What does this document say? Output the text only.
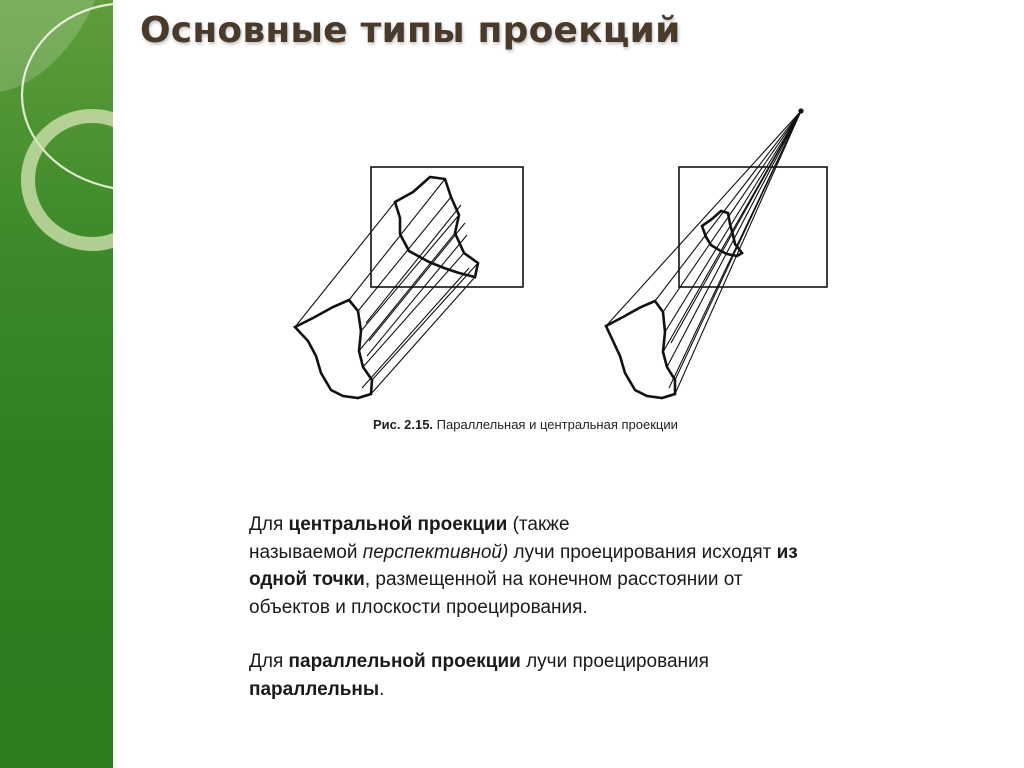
Основные типы проекций
Рис. 2.15. Параллельная и центральная проекции

Для центральной проекции (также
называемой перспективной) лучи проецирования исходят из
одной точки, размещенной на конечном расстоянии от
объектов и плоскости проецирования.

Для параллельной проекции лучи проецирования
параллельны.
